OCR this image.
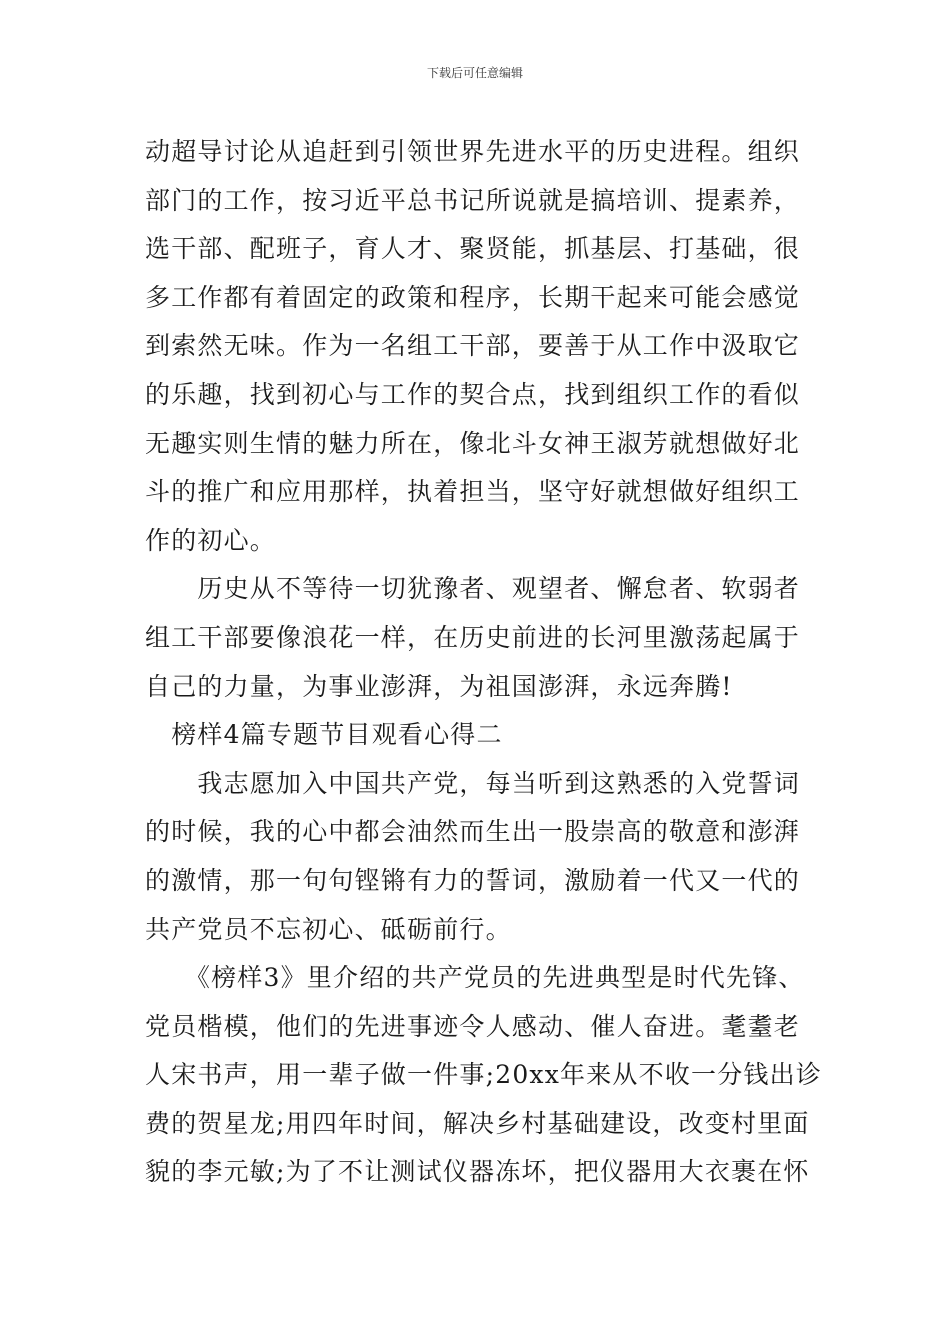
下载后可任意编辑
动超导讨论从追赶到引领世界先进水平的历史进程。组织
部门的工作，按习近平总书记所说就是搞培训、提素养，
选干部、配班子，育人才、聚贤能，抓基层、打基础，很
多工作都有着固定的政策和程序，长期干起来可能会感觉
到索然无味。作为一名组工干部，要善于从工作中汲取它
的乐趣，找到初心与工作的契合点，找到组织工作的看似
无趣实则生情的魅力所在，像北斗女神王淑芳就想做好北
斗的推广和应用那样，执着担当，坚守好就想做好组织工
作的初心。
　　历史从不等待一切犹豫者、观望者、懈怠者、软弱者
组工干部要像浪花一样，在历史前进的长河里激荡起属于
自己的力量，为事业澎湃，为祖国澎湃，永远奔腾!
　榜样4篇专题节目观看心得二
　　我志愿加入中国共产党，每当听到这熟悉的入党誓词
的时候，我的心中都会油然而生出一股崇高的敬意和澎湃
的激情，那一句句铿锵有力的誓词，激励着一代又一代的
共产党员不忘初心、砥砺前行。
　　《榜样3》里介绍的共产党员的先进典型是时代先锋、
党员楷模，他们的先进事迹令人感动、催人奋进。耄耋老
人宋书声，用一辈子做一件事;20xx年来从不收一分钱出诊
费的贺星龙;用四年时间，解决乡村基础建设，改变村里面
貌的李元敏;为了不让测试仪器冻坏，把仪器用大衣裹在怀
